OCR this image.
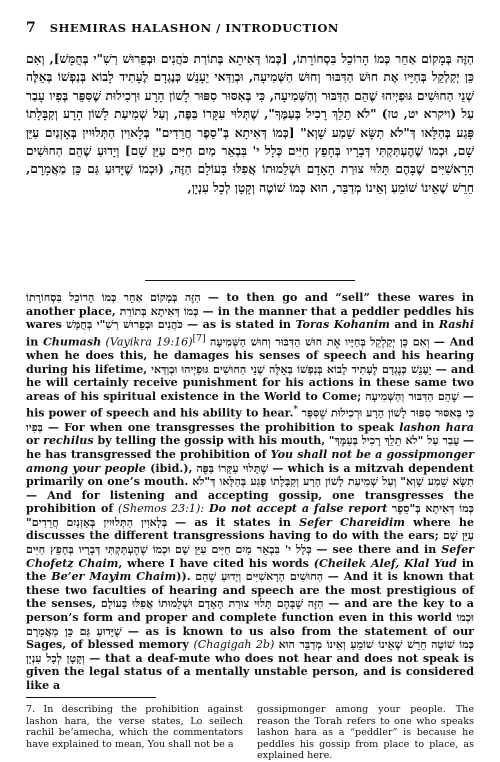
7 SHEMIRAS HALASHON / INTRODUCTION
הַזֶּה בְּמָקוֹם אַחֵר כְּמוֹ הָרוֹכֵל בִּסְחוֹרָתוֹ, [כְּמוֹ דְּאִיתָא בְּתוֹרַת כֹּהֲנִים וּבְפֵרוּשׁ רַשִׁ"י בְּחֻמָּשׁ], וְאִם כֵּן יְקַלְקֵל בְּחַיָּיו אֶת חוּשׁ הַדִּבּוּר וְחוּשׁ הַשְּׁמִיעָה, וּבְוַדַּאי יֵעָנֵשׁ כְּנֶגְדָם לֶעָתִיד לָבוֹא בְּנַפְשׁוֹ בְּאֵלֶּה שְׁנֵי הַחוּשִׁים גּוּפַיְיהוּ שֶׁהֵם הַדִּבּוּר וְהַשְּׁמִיעָה, כִּי בְּאִסּוּר סִפּוּר לָשׁוֹן הָרָע וּרְכִילוּת שֶׁסִּפֵּר בְּפִיו עָבַר עַל (ויקרא יט, טז) "לֹא תֵלֵךְ רָכִיל בְּעַמֶּךָ", שֶׁתְּלוּי עִקָּרוֹ בַּפֶּה, וְעַל שְׁמִיעַת לָשׁוֹן הָרָע וְקַבָּלָתוֹ פָּגַע בְּהַלָּאו דְּ"לֹא תִשָּׂא שֵׁמַע שָׁוְא" [כְּמוֹ דְּאִיתָא בְּ"סֵפֶר חֲרֵדִים" בְּלָאוִין הַתְּלוּיִין בְּאָזְנַיִם עַיֵּן שָׁם, וּכְמוֹ שֶׁהֶעְתַּקְתִּי דְּבָרָיו בְּחָפֵץ חַיִּים כְּלָל י' בִּבְאֵר מַיִם חַיִּים עַיֵּן שָׁם] וְיָדוּעַ שֶׁהֵם הַחוּשִׁים הָרָאשִׁיִּים שֶׁבָּהֶם תָּלוּי צוּרַת הָאָדָם וּשְׁלֵמוּתוֹ אֲפִלּוּ בָּעוֹלָם הַזֶּה, (וּכְמוֹ שֶׁיָּדוּעַ גַּם כֵּן מַאֲמָרָם, חֵרֵשׁ שֶׁאֵינוֹ שׁוֹמֵעַ וְאֵינוֹ מְדַבֵּר, הוּא כְּמוֹ שׁוֹטֶה וְקָטָן לְכָל עִנְיָן,

כְּמוֹ הָרוֹכֵל בִּסְחוֹרָתוֹ הַזֶּה בְּמָקוֹם אַחֵר — to then go and “sell” these wares in another place, כְּמוֹ דְּאִיתָא בְּתוֹרַת — in the manner that a peddler peddles his wares כֹּהֲנִים וּבְפֵרוּשׁ רַשִׁ"י בְּחֻמָּשׁ — as is stated in Toras Kohanim and in Rashi in Chumash (Vayikra 19:16)[7] וְאִם כֵּן יְקַלְקֵל בְּחַיָּיו אֶת חוּשׁ הַדִּבּוּר וְחוּשׁ הַשְּׁמִיעָה — And when he does this, he damages his senses of speech and his hearing during his lifetime, וּבְוַדַּאי יֵעָנֵשׁ כְּנֶגְדָם לֶעָתִיד לָבוֹא בְּנַפְשׁוֹ בְּאֵלֶּה שְׁנֵי הַחוּשִׁים גּוּפַיְיהוּ — and he will certainly receive punishment for his actions in these same two areas of his spiritual existence in the World to Come; שֶׁהֵם הַדִּבּוּר וְהַשְּׁמִיעָה — his power of speech and his ability to hear.* כִּי בְּאִסּוּר סִפּוּר לָשׁוֹן הָרָע וּרְכִילוּת שֶׁסִּפֵּר בְּפִיו — For when one transgresses the prohibition to speak lashon hara or rechilus by telling the gossip with his mouth, עָבַר עַל "לֹא תֵלֵךְ רָכִיל בְּעַמֶּךָ" — he has transgressed the prohibition of You shall not be a gossipmonger among your people (ibid.), שֶׁתָּלוּי עִקָּרוֹ בַּפֶּה — which is a mitzvah dependent primarily on one’s mouth. וְעַל שְׁמִיעַת לָשׁוֹן הָרָע וְקַבָּלָתוֹ פָּגַע בְּהַלָּאו דְּ"לֹא תִשָּׂא שֵׁמַע שָׁוְא" — And for listening and accepting gossip, one transgresses the prohibition of (Shemos 23:1): Do not accept a false report כְּמוֹ דְּאִיתָא בְּ"סֵפֶר חֲרֵדִים" בְּלָאוִין הַתְּלוּיִין בְּאָזְנַיִם — as it states in Sefer Chareidim where he discusses the different transgressions having to do with the ears; עַיֵּן שָׁם וּכְמוֹ שֶׁהֶעְתַּקְתִּי דְּבָרָיו בְּחָפֵץ חַיִּים כְּלָל י' בִּבְאֵר מַיִם חַיִּים עַיֵּן שָׁם — see there and in Sefer Chofetz Chaim, where I have cited his words (Cheilek Alef, Klal Yud in the Be’er Mayim Chaim)). וְיָדוּעַ שֶׁהֵם הַחוּשִׁים הָרָאשִׁיִּים — And it is known that these two faculties of hearing and speech are the most prestigious of the senses, שֶׁבָּהֶם תָּלוּי צוּרַת הָאָדָם וּשְׁלֵמוּתוֹ אֲפִלּוּ בָּעוֹלָם הַזֶּה — and are the key to a person’s form and proper and complete function even in this world וּכְמוֹ שֶׁיָּדוּעַ גַּם כֵּן מַאֲמָרָם — as is known to us also from the statement of our Sages, of blessed memory (Chagigah 2b) חֵרֵשׁ שֶׁאֵינוֹ שׁוֹמֵעַ וְאֵינוֹ מְדַבֵּר הוּא כְּמוֹ שׁוֹטֶה וְקָטָן לְכָל עִנְיָן — that a deaf-mute who does not hear and does not speak is given the legal status of a mentally unstable person, and is considered like a

7. In describing the prohibition against lashon hara, the verse states, Lo seilech rachil be’amecha, which the commentators have explained to mean, You shall not be a
gossipmonger among your people. The reason the Torah refers to one who speaks lashon hara as a “peddler” is because he peddles his gossip from place to place, as explained here.
